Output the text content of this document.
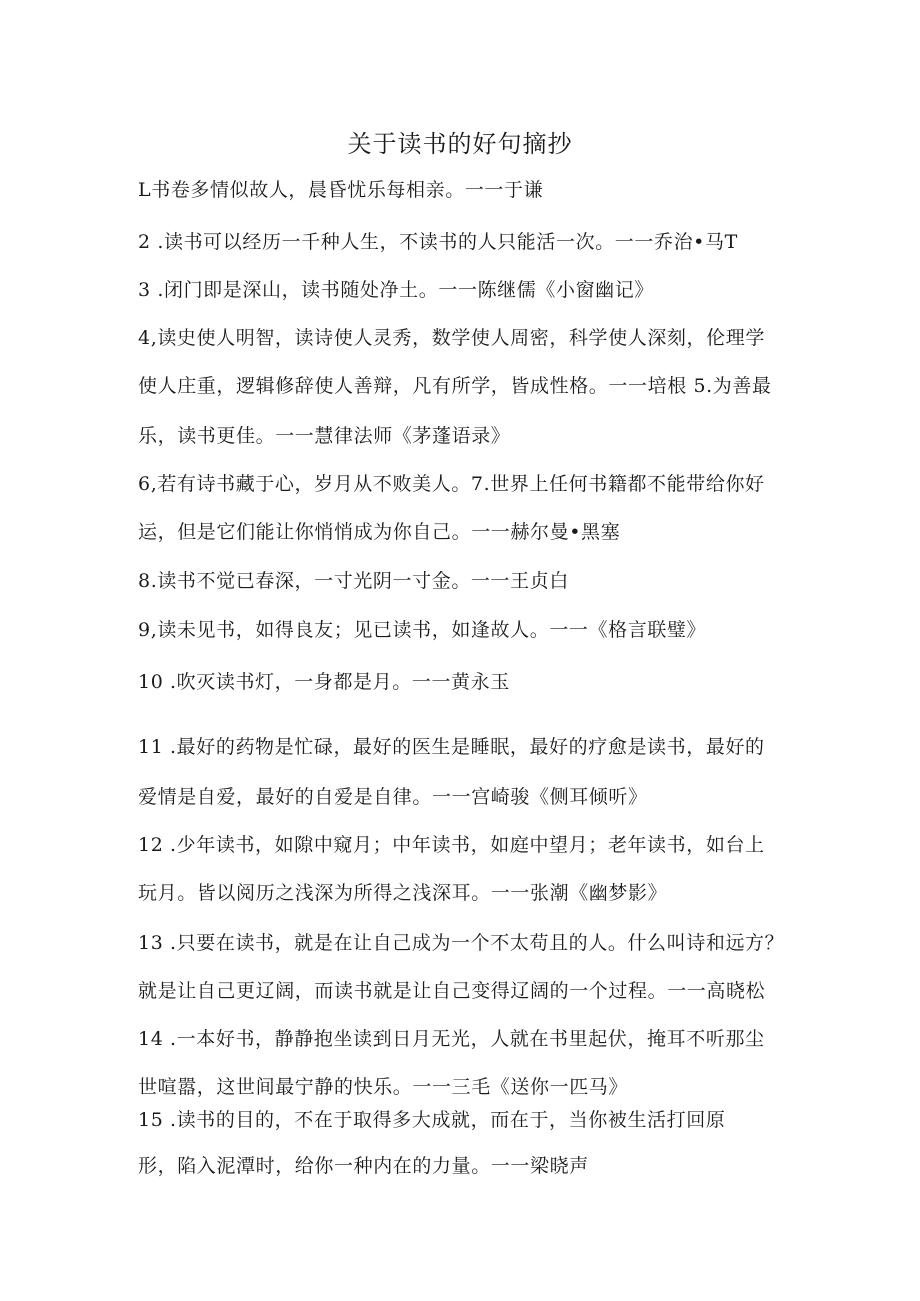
关于读书的好句摘抄
L书卷多情似故人，晨昏忧乐每相亲。一一于谦
2 .读书可以经历一千种人生，不读书的人只能活一次。一一乔治•马T
3 .闭门即是深山，读书随处净土。一一陈继儒《小窗幽记》
4,读史使人明智，读诗使人灵秀，数学使人周密，科学使人深刻，伦理学
使人庄重，逻辑修辞使人善辩，凡有所学，皆成性格。一一培根 5.为善最
乐，读书更佳。一一慧律法师《茅蓬语录》
6,若有诗书藏于心，岁月从不败美人。7.世界上任何书籍都不能带给你好
运，但是它们能让你悄悄成为你自己。一一赫尔曼•黑塞
8.读书不觉已春深，一寸光阴一寸金。一一王贞白
9,读未见书，如得良友；见已读书，如逢故人。一一《格言联璧》
10 .吹灭读书灯，一身都是月。一一黄永玉
11 .最好的药物是忙碌，最好的医生是睡眠，最好的疗愈是读书，最好的
爱情是自爱，最好的自爱是自律。一一宫崎骏《侧耳倾听》
12 .少年读书，如隙中窥月；中年读书，如庭中望月；老年读书，如台上
玩月。皆以阅历之浅深为所得之浅深耳。一一张潮《幽梦影》
13 .只要在读书，就是在让自己成为一个不太苟且的人。什么叫诗和远方？
就是让自己更辽阔，而读书就是让自己变得辽阔的一个过程。一一高晓松
14 .一本好书，静静抱坐读到日月无光，人就在书里起伏，掩耳不听那尘
世喧嚣，这世间最宁静的快乐。一一三毛《送你一匹马》
15 .读书的目的，不在于取得多大成就，而在于，当你被生活打回原
形，陷入泥潭时，给你一种内在的力量。一一梁晓声
